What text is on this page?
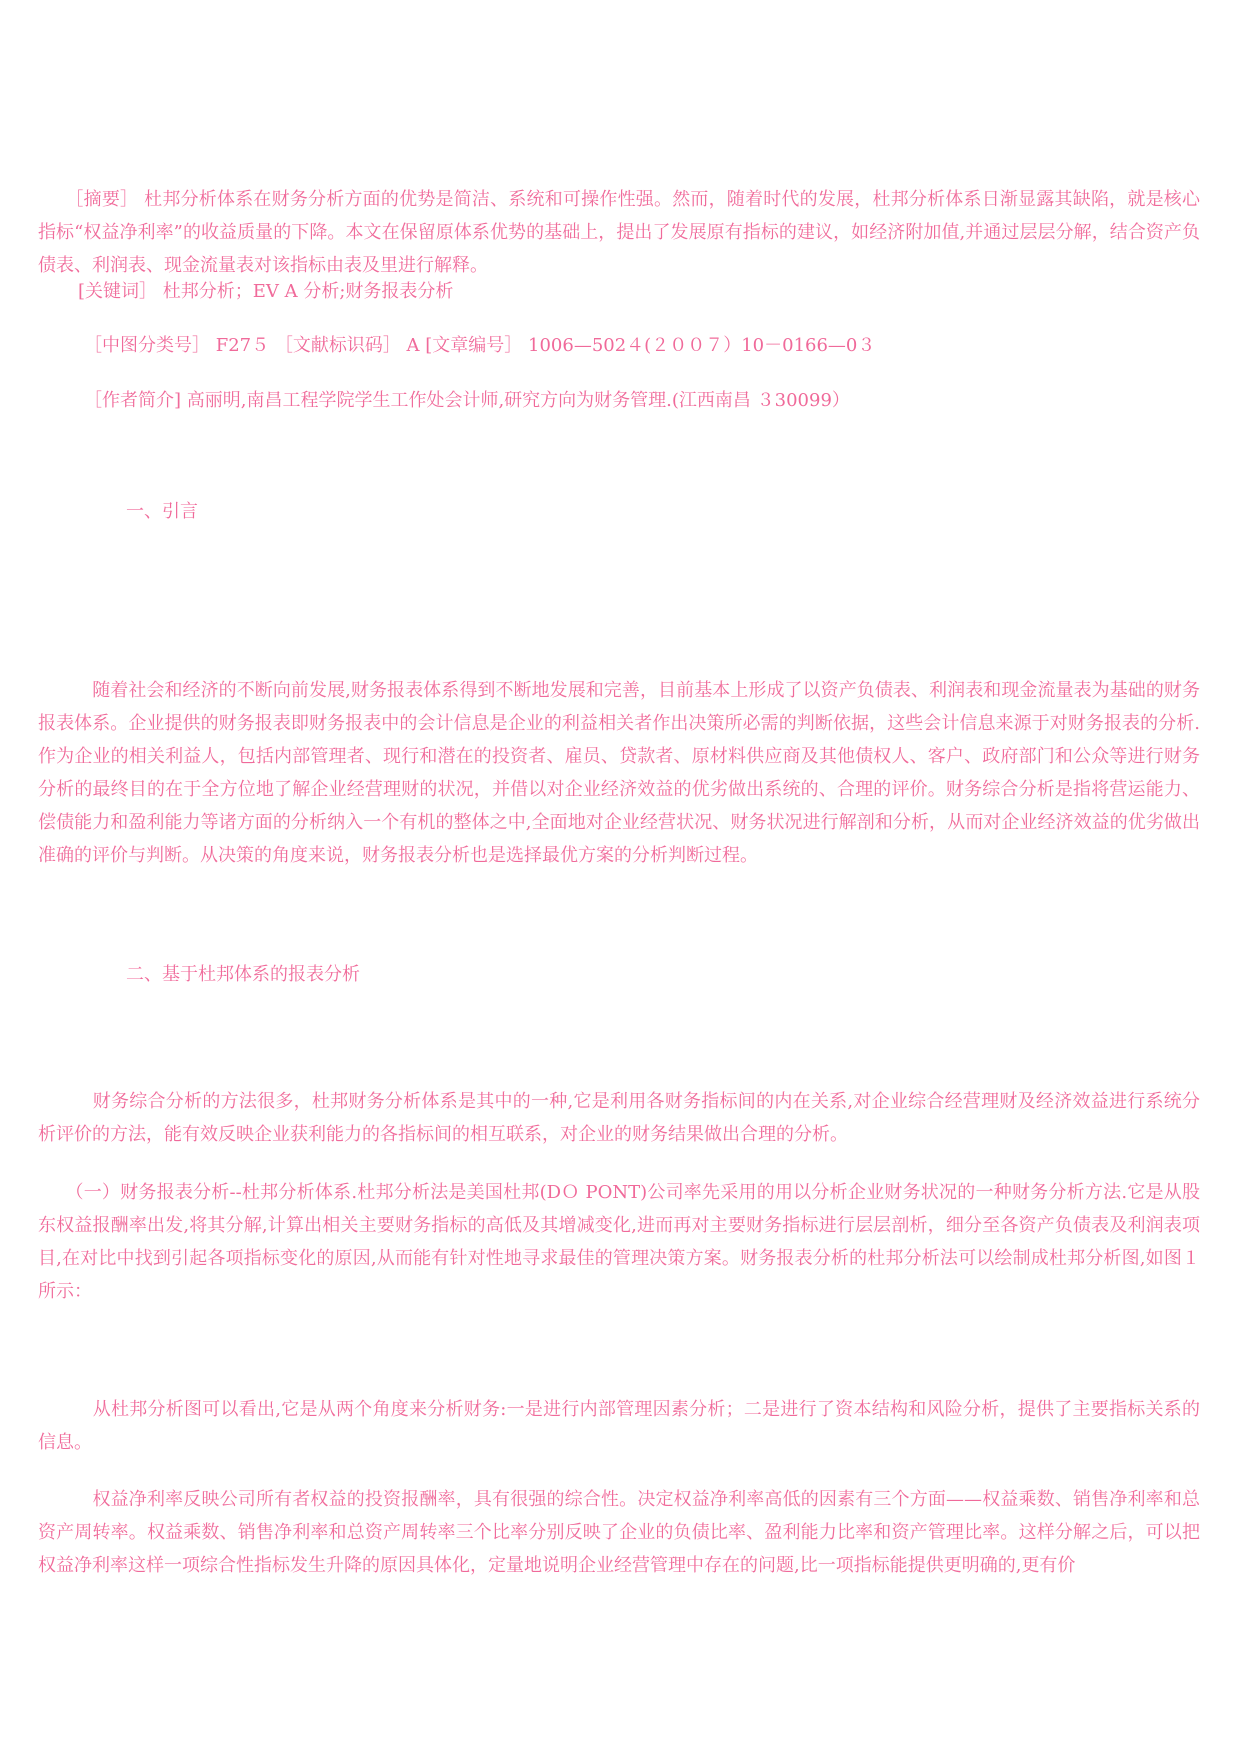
　　［摘要］ 杜邦分析体系在财务分析方面的优势是简洁、系统和可操作性强。然而，随着时代的发展，杜邦分析体系日渐显露其缺陷，就是核心指标“权益净利率”的收益质量的下降。本文在保留原体系优势的基础上，提出了发展原有指标的建议，如经济附加值,并通过层层分解，结合资产负债表、利润表、现金流量表对该指标由表及里进行解释。

[关键词］ 杜邦分析；EV A 分析;财务报表分析

［中图分类号］ F27５ ［文献标识码］ A [文章编号］ 1006—502４(２００７）10－0166—0３

［作者简介] 高丽明,南昌工程学院学生工作处会计师,研究方向为财务管理.(江西南昌 ３30099）

一、引言

　　　随着社会和经济的不断向前发展,财务报表体系得到不断地发展和完善，目前基本上形成了以资产负债表、利润表和现金流量表为基础的财务报表体系。企业提供的财务报表即财务报表中的会计信息是企业的利益相关者作出决策所必需的判断依据，这些会计信息来源于对财务报表的分析.作为企业的相关利益人，包括内部管理者、现行和潜在的投资者、雇员、贷款者、原材料供应商及其他债权人、客户、政府部门和公众等进行财务分析的最终目的在于全方位地了解企业经营理财的状况，并借以对企业经济效益的优劣做出系统的、合理的评价。财务综合分析是指将营运能力、偿债能力和盈利能力等诸方面的分析纳入一个有机的整体之中,全面地对企业经营状况、财务状况进行解剖和分析，从而对企业经济效益的优劣做出准确的评价与判断。从决策的角度来说，财务报表分析也是选择最优方案的分析判断过程。

二、基于杜邦体系的报表分析

　　　财务综合分析的方法很多，杜邦财务分析体系是其中的一种,它是利用各财务指标间的内在关系,对企业综合经营理财及经济效益进行系统分析评价的方法，能有效反映企业获利能力的各指标间的相互联系，对企业的财务结果做出合理的分析。

　　（一）财务报表分析--杜邦分析体系.杜邦分析法是美国杜邦(DＯ PONT)公司率先采用的用以分析企业财务状况的一种财务分析方法.它是从股东权益报酬率出发,将其分解,计算出相关主要财务指标的高低及其增减变化,进而再对主要财务指标进行层层剖析，细分至各资产负债表及利润表项目,在对比中找到引起各项指标变化的原因,从而能有针对性地寻求最佳的管理决策方案。财务报表分析的杜邦分析法可以绘制成杜邦分析图,如图１所示：

　　　从杜邦分析图可以看出,它是从两个角度来分析财务:一是进行内部管理因素分析；二是进行了资本结构和风险分析，提供了主要指标关系的信息。

　　　权益净利率反映公司所有者权益的投资报酬率，具有很强的综合性。决定权益净利率高低的因素有三个方面——权益乘数、销售净利率和总资产周转率。权益乘数、销售净利率和总资产周转率三个比率分别反映了企业的负债比率、盈利能力比率和资产管理比率。这样分解之后，可以把权益净利率这样一项综合性指标发生升降的原因具体化，定量地说明企业经营管理中存在的问题,比一项指标能提供更明确的,更有价
